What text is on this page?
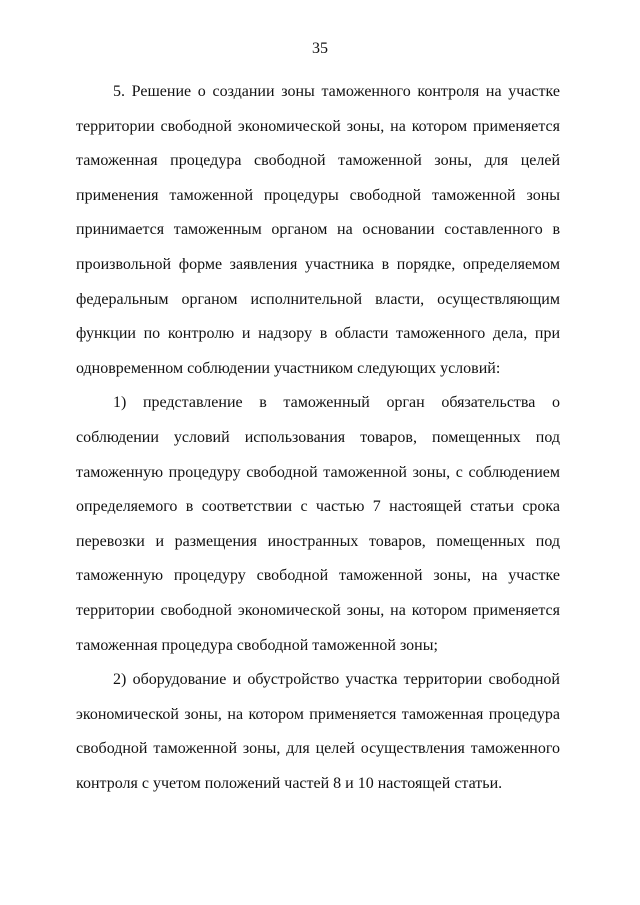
35

5. Решение о создании зоны таможенного контроля на участке территории свободной экономической зоны, на котором применяется таможенная процедура свободной таможенной зоны, для целей применения таможенной процедуры свободной таможенной зоны принимается таможенным органом на основании составленного в произвольной форме заявления участника в порядке, определяемом федеральным органом исполнительной власти, осуществляющим функции по контролю и надзору в области таможенного дела, при одновременном соблюдении участником следующих условий:

1) представление в таможенный орган обязательства о соблюдении условий использования товаров, помещенных под таможенную процедуру свободной таможенной зоны, с соблюдением определяемого в соответствии с частью 7 настоящей статьи срока перевозки и размещения иностранных товаров, помещенных под таможенную процедуру свободной таможенной зоны, на участке территории свободной экономической зоны, на котором применяется таможенная процедура свободной таможенной зоны;

2) оборудование и обустройство участка территории свободной экономической зоны, на котором применяется таможенная процедура свободной таможенной зоны, для целей осуществления таможенного контроля с учетом положений частей 8 и 10 настоящей статьи.
